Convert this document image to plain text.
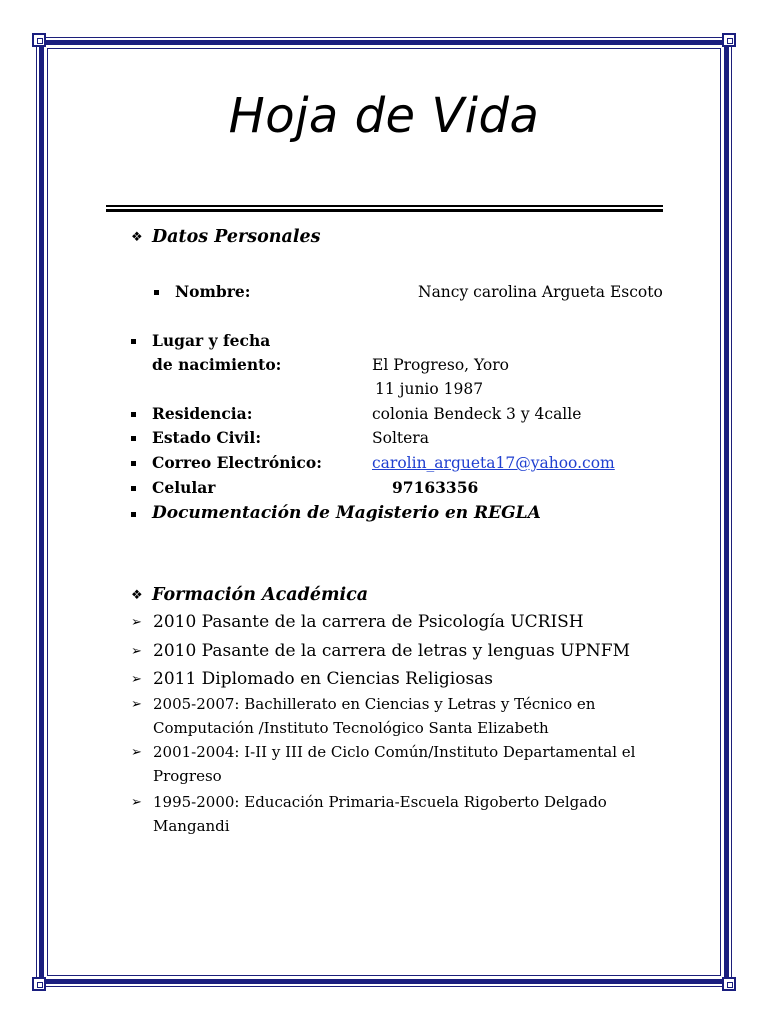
Hoja de Vida
❖ Datos Personales
Nombre:	Nancy carolina Argueta Escoto
Lugar y fecha
de nacimiento:	El Progreso, Yoro
11 junio 1987
Residencia:	colonia Bendeck 3 y 4calle
Estado Civil:	Soltera
Correo Electrónico:	carolin_argueta17@yahoo.com
Celular	97163356
Documentación de Magisterio en REGLA
❖ Formación Académica
➢ 2010 Pasante de la carrera de Psicología UCRISH
➢ 2010 Pasante de la carrera de letras y lenguas UPNFM
➢ 2011 Diplomado en Ciencias Religiosas
➢ 2005-2007: Bachillerato en Ciencias y Letras y Técnico en
Computación /Instituto Tecnológico Santa Elizabeth
➢ 2001-2004: I-II y III de Ciclo Común/Instituto Departamental el
Progreso
➢ 1995-2000: Educación Primaria-Escuela Rigoberto Delgado
Mangandi
